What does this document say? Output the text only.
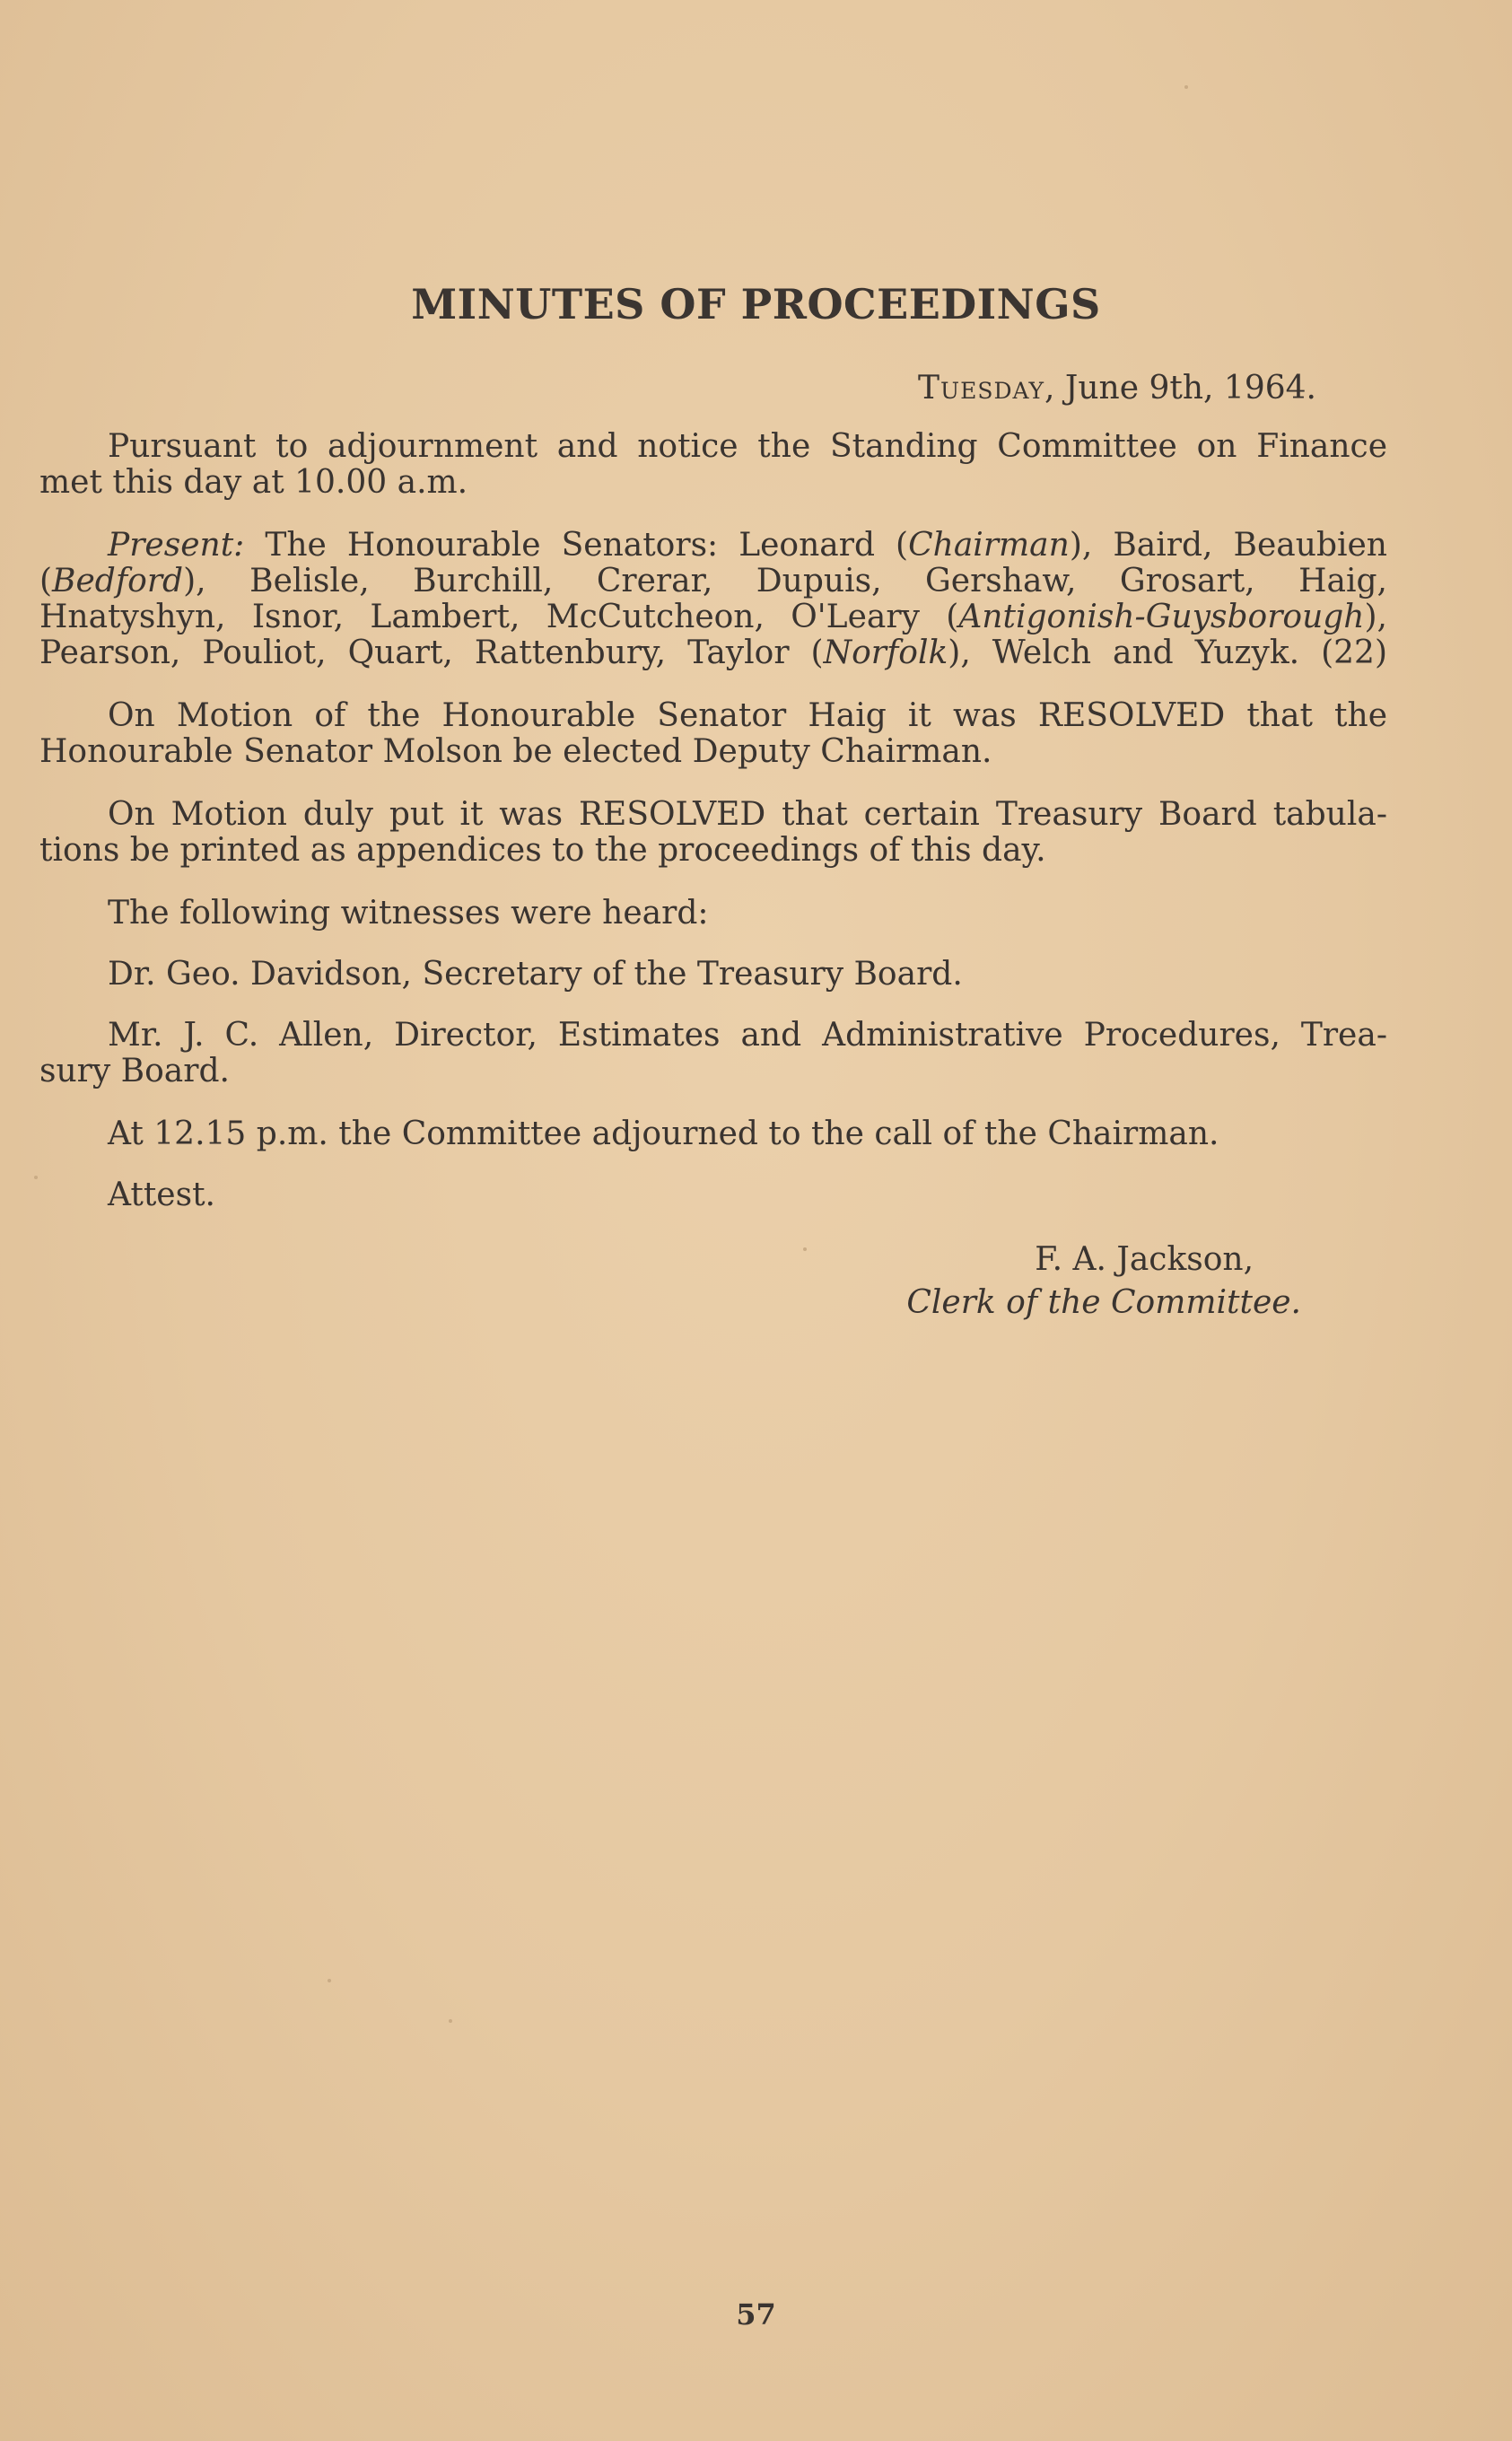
MINUTES OF PROCEEDINGS
Tuesday, June 9th, 1964.
Pursuant to adjournment and notice the Standing Committee on Finance
met this day at 10.00 a.m.
Present: The Honourable Senators: Leonard (Chairman), Baird, Beaubien
(Bedford), Belisle, Burchill, Crerar, Dupuis, Gershaw, Grosart, Haig,
Hnatyshyn, Isnor, Lambert, McCutcheon, O'Leary (Antigonish-Guysborough),
Pearson, Pouliot, Quart, Rattenbury, Taylor (Norfolk), Welch and Yuzyk. (22)
On Motion of the Honourable Senator Haig it was RESOLVED that the
Honourable Senator Molson be elected Deputy Chairman.
On Motion duly put it was RESOLVED that certain Treasury Board tabula-
tions be printed as appendices to the proceedings of this day.
The following witnesses were heard:
Dr. Geo. Davidson, Secretary of the Treasury Board.
Mr. J. C. Allen, Director, Estimates and Administrative Procedures, Trea-
sury Board.
At 12.15 p.m. the Committee adjourned to the call of the Chairman.
Attest.
F. A. Jackson,
Clerk of the Committee.
57
